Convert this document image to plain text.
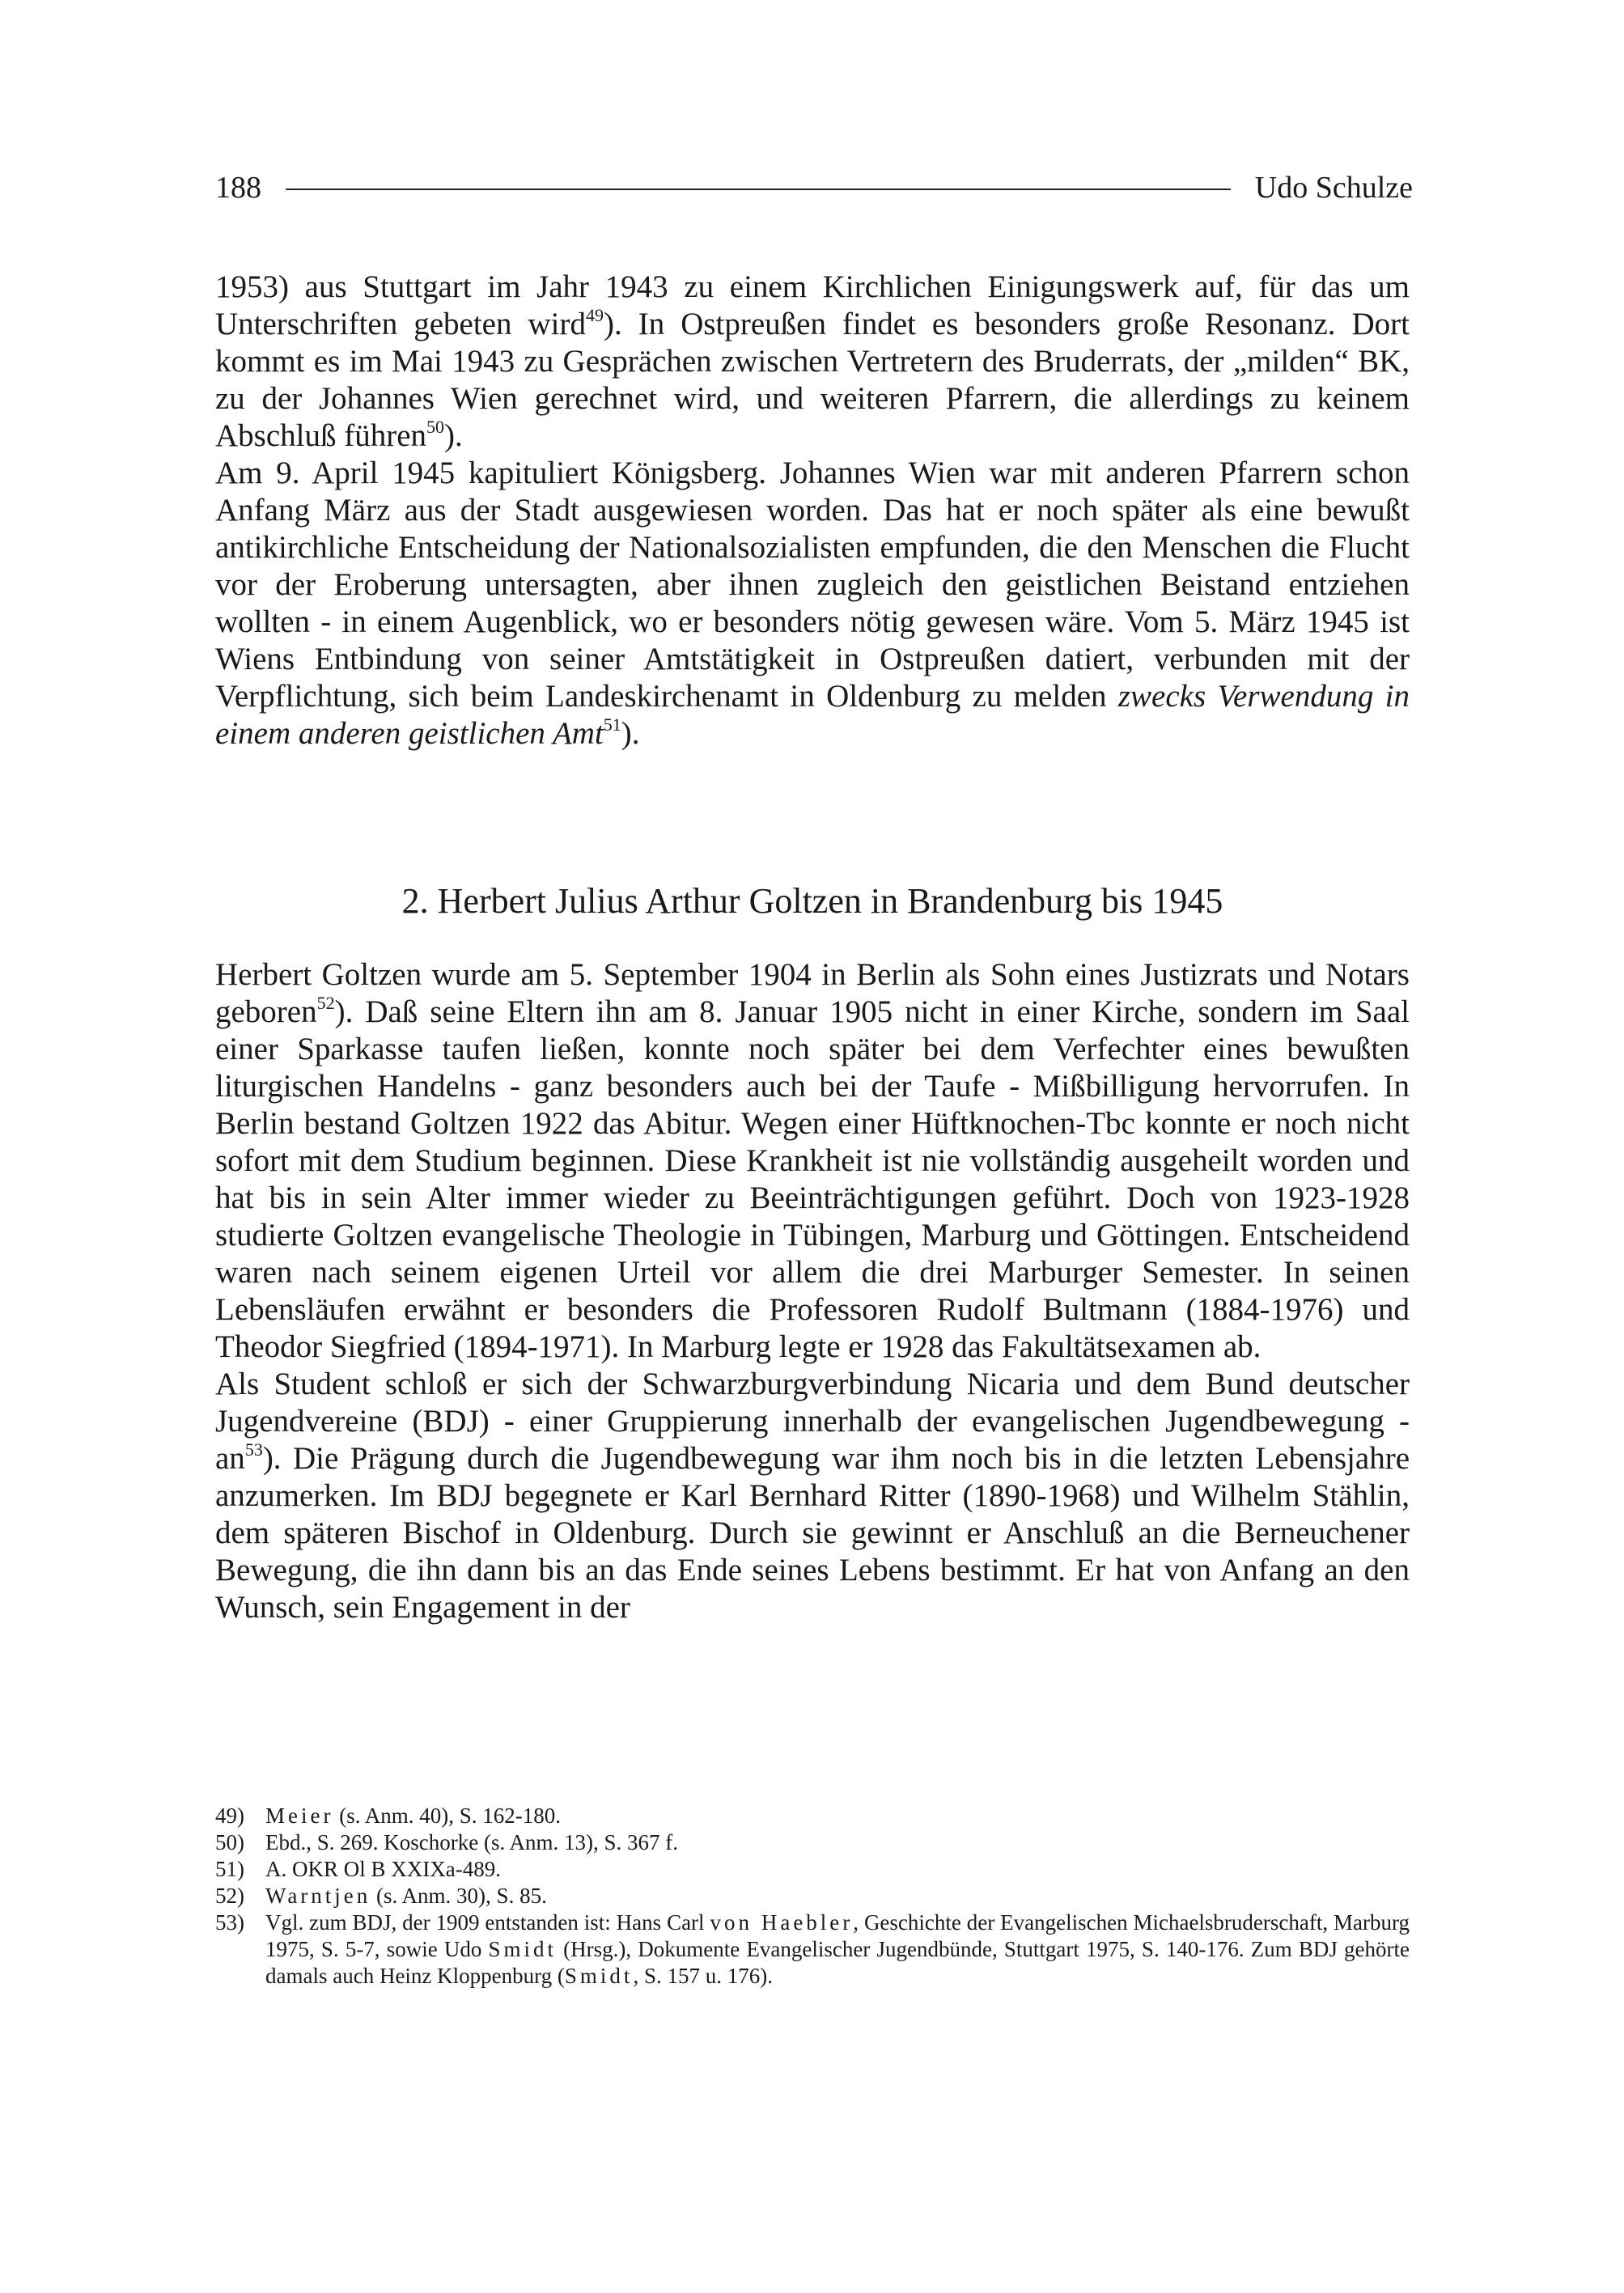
188	Udo Schulze

1953) aus Stuttgart im Jahr 1943 zu einem Kirchlichen Einigungswerk auf, für das um Unterschriften gebeten wird$^{49}$). In Ostpreußen findet es besonders große Resonanz. Dort kommt es im Mai 1943 zu Gesprächen zwischen Vertretern des Bruderrats, der „milden“ BK, zu der Johannes Wien gerechnet wird, und weiteren Pfarrern, die allerdings zu keinem Abschluß führen$^{50}$).

Am 9. April 1945 kapituliert Königsberg. Johannes Wien war mit anderen Pfarrern schon Anfang März aus der Stadt ausgewiesen worden. Das hat er noch später als eine bewußt antikirchliche Entscheidung der Nationalsozialisten empfunden, die den Menschen die Flucht vor der Eroberung untersagten, aber ihnen zugleich den geistlichen Beistand entziehen wollten - in einem Augenblick, wo er besonders nötig gewesen wäre. Vom 5. März 1945 ist Wiens Entbindung von seiner Amtstätigkeit in Ostpreußen datiert, verbunden mit der Verpflichtung, sich beim Landeskirchenamt in Oldenburg zu melden zwecks Verwendung in einem anderen geistlichen Amt$^{51}$).

2. Herbert Julius Arthur Goltzen in Brandenburg bis 1945

Herbert Goltzen wurde am 5. September 1904 in Berlin als Sohn eines Justizrats und Notars geboren$^{52}$). Daß seine Eltern ihn am 8. Januar 1905 nicht in einer Kirche, sondern im Saal einer Sparkasse taufen ließen, konnte noch später bei dem Verfechter eines bewußten liturgischen Handelns - ganz besonders auch bei der Taufe - Mißbilligung hervorrufen. In Berlin bestand Goltzen 1922 das Abitur. Wegen einer Hüftknochen-Tbc konnte er noch nicht sofort mit dem Studium beginnen. Diese Krankheit ist nie vollständig ausgeheilt worden und hat bis in sein Alter immer wieder zu Beeinträchtigungen geführt. Doch von 1923-1928 studierte Goltzen evangelische Theologie in Tübingen, Marburg und Göttingen. Entscheidend waren nach seinem eigenen Urteil vor allem die drei Marburger Semester. In seinen Lebensläufen erwähnt er besonders die Professoren Rudolf Bultmann (1884-1976) und Theodor Siegfried (1894-1971). In Marburg legte er 1928 das Fakultätsexamen ab.

Als Student schloß er sich der Schwarzburgverbindung Nicaria und dem Bund deutscher Jugendvereine (BDJ) - einer Gruppierung innerhalb der evangelischen Jugendbewegung - $an^{53}$). Die Prägung durch die Jugendbewegung war ihm noch bis in die letzten Lebensjahre anzumerken. Im BDJ begegnete er Karl Bernhard Ritter (1890-1968) und Wilhelm Stählin, dem späteren Bischof in Oldenburg. Durch sie gewinnt er Anschluß an die Berneuchener Bewegung, die ihn dann bis an das Ende seines Lebens bestimmt. Er hat von Anfang an den Wunsch, sein Engagement in der

49) Meier (s. Anm. 40), S. 162-180.
50) Ebd., S. 269. Koschorke (s. Anm. 13), S. 367 f.
51) A. OKR Ol B XXIXa-489.
52) Warntjen (s. Anm. 30), S. 85.
53) Vgl. zum BDJ, der 1909 entstanden ist: Hans Carl von Haebler, Geschichte der Evangelischen Michaelsbruderschaft, Marburg 1975, S. 5-7, sowie Udo Smidt (Hrsg.), Dokumente Evangelischer Jugendbünde, Stuttgart 1975, S. 140-176. Zum BDJ gehörte damals auch Heinz Kloppenburg (Smidt, S. 157 u. 176).
